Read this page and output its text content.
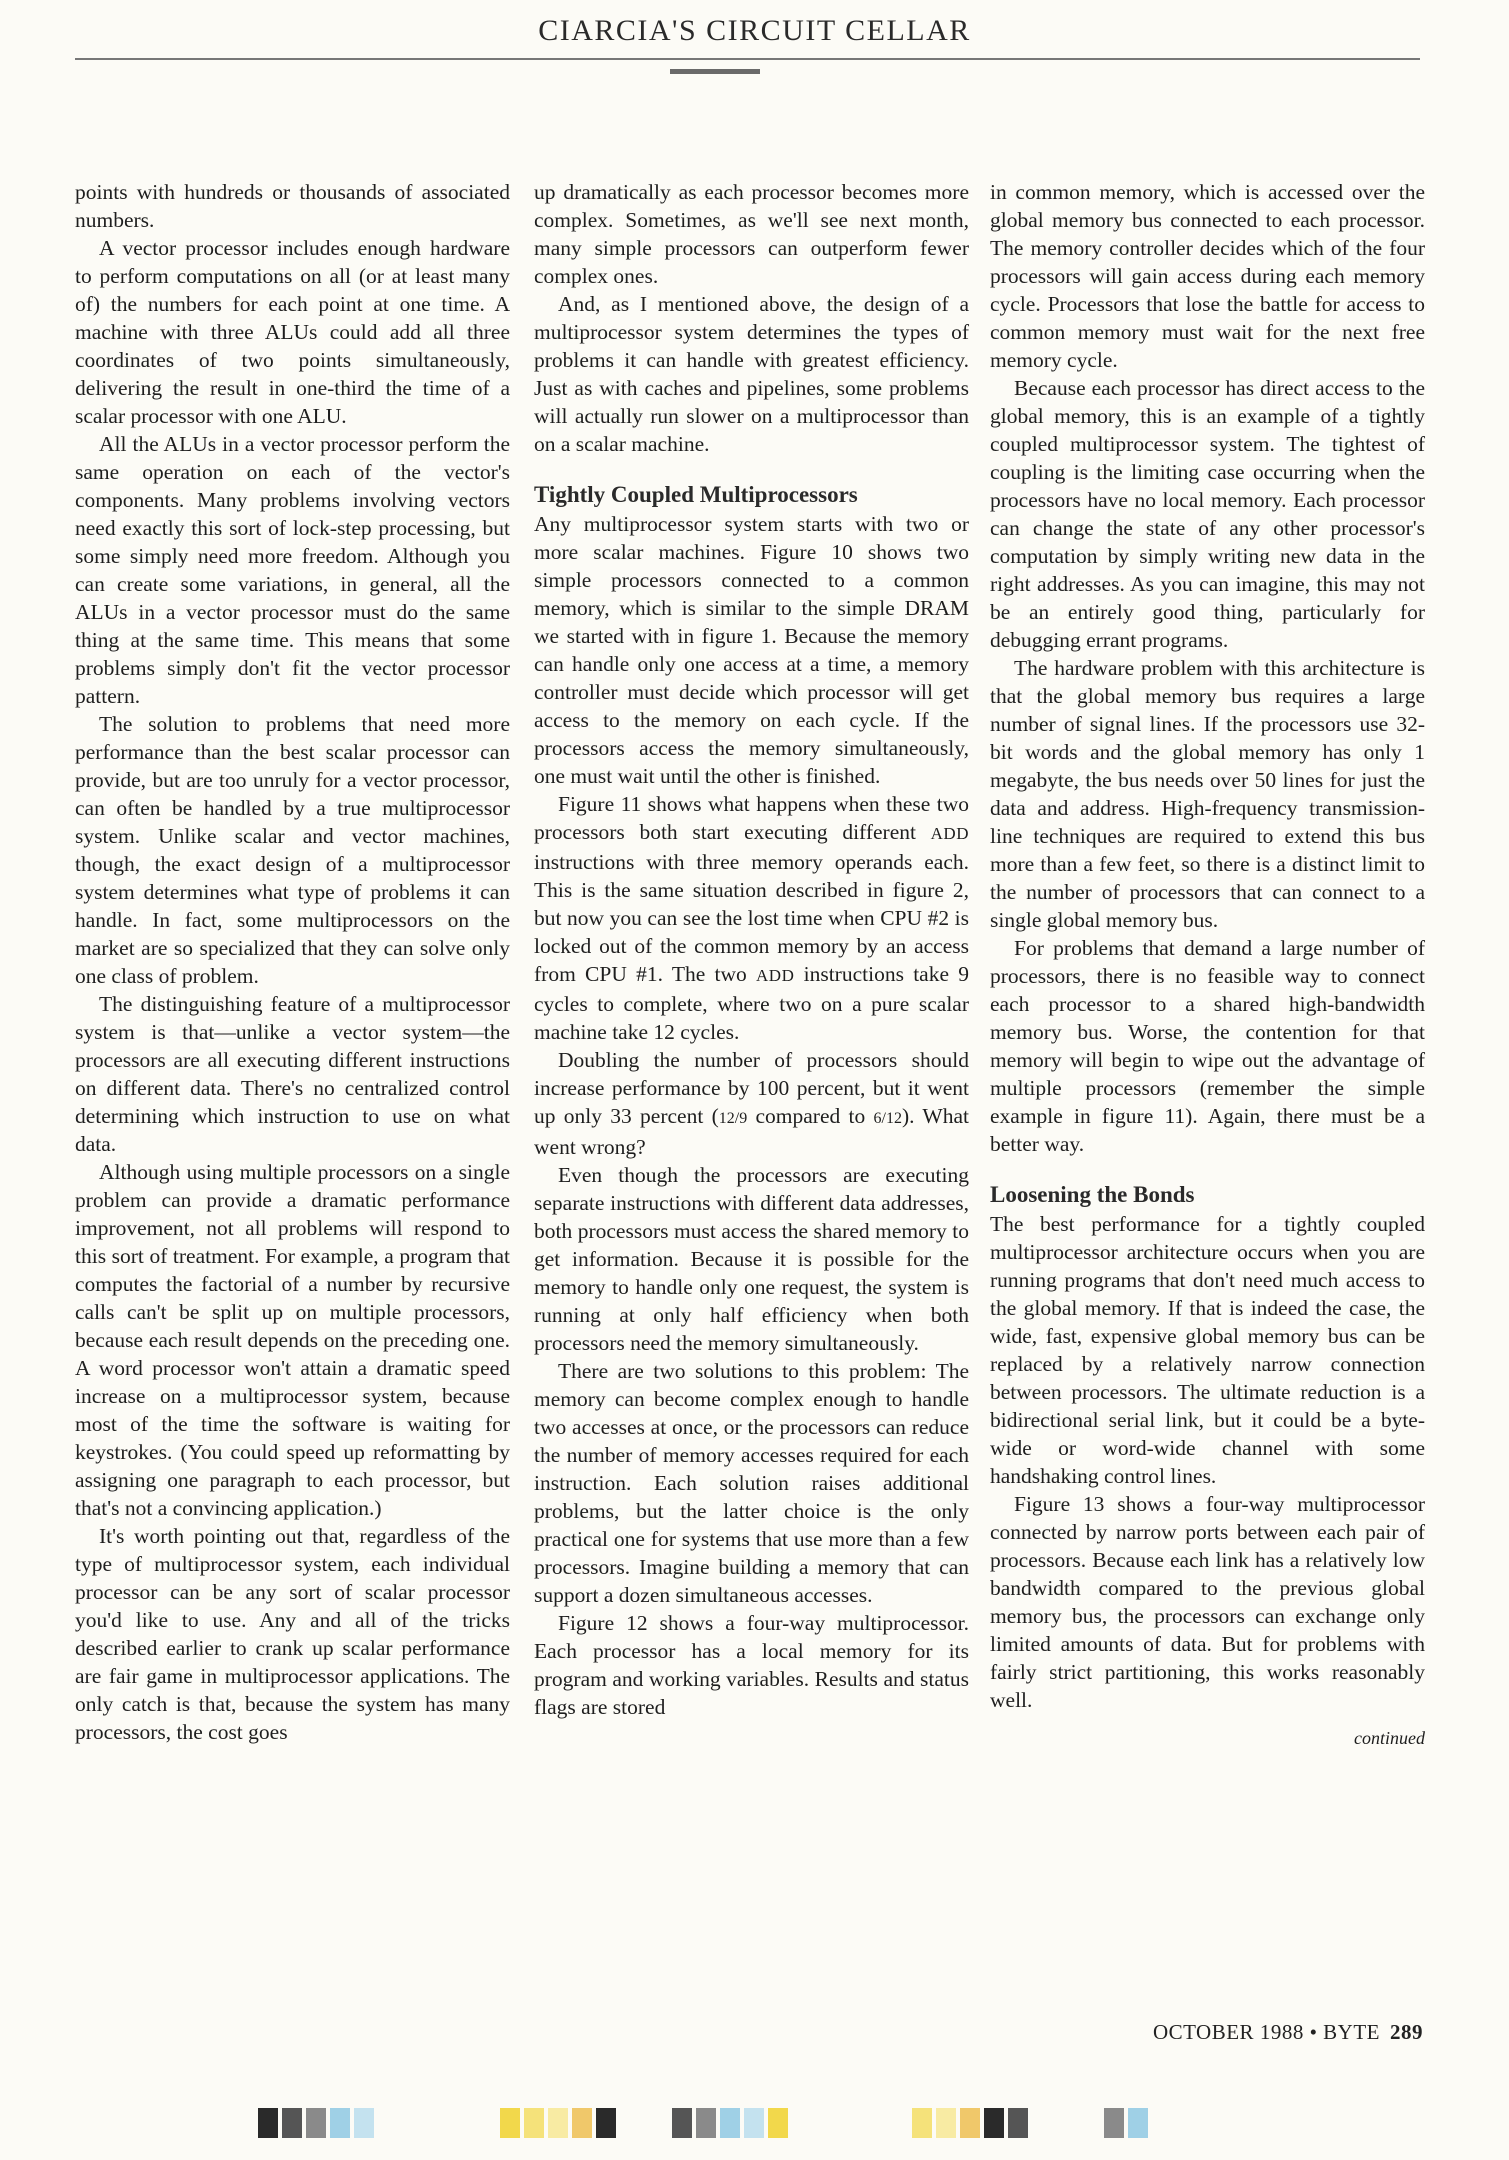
CIARCIA'S CIRCUIT CELLAR

points with hundreds or thousands of associated numbers.

A vector processor includes enough hardware to perform computations on all (or at least many of) the numbers for each point at one time. A machine with three ALUs could add all three coordinates of two points simultaneously, delivering the result in one-third the time of a scalar processor with one ALU.

All the ALUs in a vector processor perform the same operation on each of the vector's components. Many problems involving vectors need exactly this sort of lock-step processing, but some simply need more freedom. Although you can create some variations, in general, all the ALUs in a vector processor must do the same thing at the same time. This means that some problems simply don't fit the vector processor pattern.

The solution to problems that need more performance than the best scalar processor can provide, but are too unruly for a vector processor, can often be handled by a true multiprocessor system. Unlike scalar and vector machines, though, the exact design of a multiprocessor system determines what type of problems it can handle. In fact, some multiprocessors on the market are so specialized that they can solve only one class of problem.

The distinguishing feature of a multiprocessor system is that—unlike a vector system—the processors are all executing different instructions on different data. There's no centralized control determining which instruction to use on what data.

Although using multiple processors on a single problem can provide a dramatic performance improvement, not all problems will respond to this sort of treatment. For example, a program that computes the factorial of a number by recursive calls can't be split up on multiple processors, because each result depends on the preceding one. A word processor won't attain a dramatic speed increase on a multiprocessor system, because most of the time the software is waiting for keystrokes. (You could speed up reformatting by assigning one paragraph to each processor, but that's not a convincing application.)

It's worth pointing out that, regardless of the type of multiprocessor system, each individual processor can be any sort of scalar processor you'd like to use. Any and all of the tricks described earlier to crank up scalar performance are fair game in multiprocessor applications. The only catch is that, because the system has many processors, the cost goes

up dramatically as each processor becomes more complex. Sometimes, as we'll see next month, many simple processors can outperform fewer complex ones.

And, as I mentioned above, the design of a multiprocessor system determines the types of problems it can handle with greatest efficiency. Just as with caches and pipelines, some problems will actually run slower on a multiprocessor than on a scalar machine.

Tightly Coupled Multiprocessors

Any multiprocessor system starts with two or more scalar machines. Figure 10 shows two simple processors connected to a common memory, which is similar to the simple DRAM we started with in figure 1. Because the memory can handle only one access at a time, a memory controller must decide which processor will get access to the memory on each cycle. If the processors access the memory simultaneously, one must wait until the other is finished.

Figure 11 shows what happens when these two processors both start executing different ADD instructions with three memory operands each. This is the same situation described in figure 2, but now you can see the lost time when CPU #2 is locked out of the common memory by an access from CPU #1. The two ADD instructions take 9 cycles to complete, where two on a pure scalar machine take 12 cycles.

Doubling the number of processors should increase performance by 100 percent, but it went up only 33 percent (12/9 compared to 6/12). What went wrong?

Even though the processors are executing separate instructions with different data addresses, both processors must access the shared memory to get information. Because it is possible for the memory to handle only one request, the system is running at only half efficiency when both processors need the memory simultaneously.

There are two solutions to this problem: The memory can become complex enough to handle two accesses at once, or the processors can reduce the number of memory accesses required for each instruction. Each solution raises additional problems, but the latter choice is the only practical one for systems that use more than a few processors. Imagine building a memory that can support a dozen simultaneous accesses.

Figure 12 shows a four-way multiprocessor. Each processor has a local memory for its program and working variables. Results and status flags are stored

in common memory, which is accessed over the global memory bus connected to each processor. The memory controller decides which of the four processors will gain access during each memory cycle. Processors that lose the battle for access to common memory must wait for the next free memory cycle.

Because each processor has direct access to the global memory, this is an example of a tightly coupled multiprocessor system. The tightest of coupling is the limiting case occurring when the processors have no local memory. Each processor can change the state of any other processor's computation by simply writing new data in the right addresses. As you can imagine, this may not be an entirely good thing, particularly for debugging errant programs.

The hardware problem with this architecture is that the global memory bus requires a large number of signal lines. If the processors use 32-bit words and the global memory has only 1 megabyte, the bus needs over 50 lines for just the data and address. High-frequency transmission-line techniques are required to extend this bus more than a few feet, so there is a distinct limit to the number of processors that can connect to a single global memory bus.

For problems that demand a large number of processors, there is no feasible way to connect each processor to a shared high-bandwidth memory bus. Worse, the contention for that memory will begin to wipe out the advantage of multiple processors (remember the simple example in figure 11). Again, there must be a better way.

Loosening the Bonds

The best performance for a tightly coupled multiprocessor architecture occurs when you are running programs that don't need much access to the global memory. If that is indeed the case, the wide, fast, expensive global memory bus can be replaced by a relatively narrow connection between processors. The ultimate reduction is a bidirectional serial link, but it could be a byte-wide or word-wide channel with some handshaking control lines.

Figure 13 shows a four-way multiprocessor connected by narrow ports between each pair of processors. Because each link has a relatively low bandwidth compared to the previous global memory bus, the processors can exchange only limited amounts of data. But for problems with fairly strict partitioning, this works reasonably well.

continued
OCTOBER 1988 • BYTE 289
